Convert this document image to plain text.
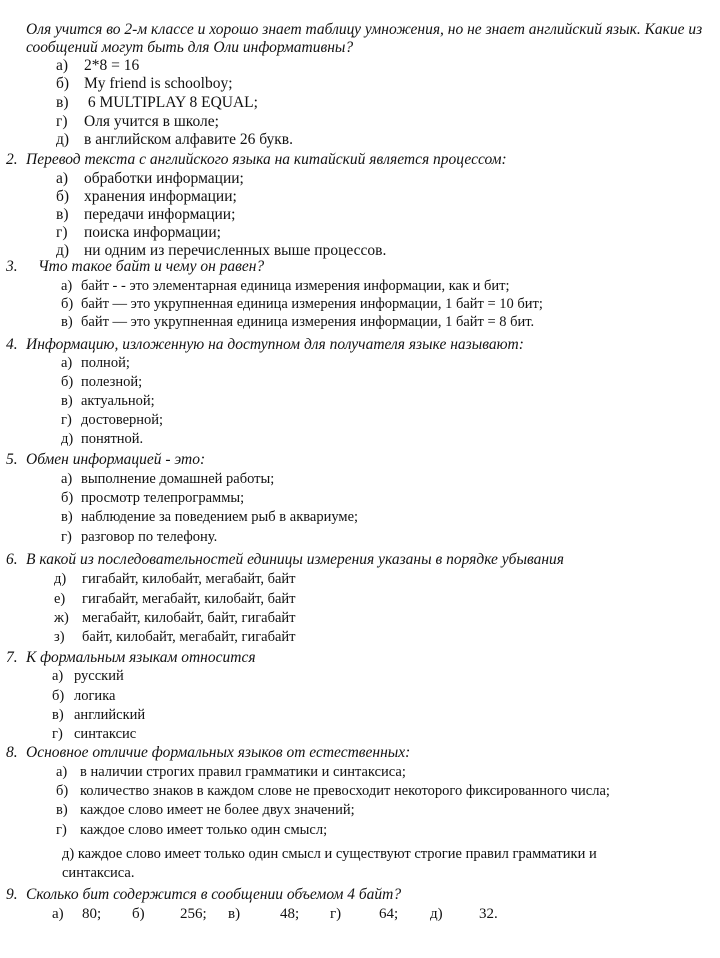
Оля учится во 2-м классе и хорошо знает таблицу умножения, но не знает английский язык. Какие из сообщений могут быть для Оли информативны?
а) 2*8 = 16
б) My friend is schoolboy;
в) 6 MULTIPLAY 8 EQUAL;
г) Оля учится в школе;
д) в английском алфавите 26 букв.
2. Перевод текста с английского языка на китайский является процессом:
а) обработки информации;
б) хранения информации;
в) передачи информации;
г) поиска информации;
д) ни одним из перечисленных выше процессов.
3. Что такое байт и чему он равен?
а) байт - - это элементарная единица измерения информации, как и бит;
б) байт — это укрупненная единица измерения информации, 1 байт = 10 бит;
в) байт — это укрупненная единица измерения информации, 1 байт = 8 бит.
4. Информацию, изложенную на доступном для получателя языке называют:
а) полной;
б) полезной;
в) актуальной;
г) достоверной;
д) понятной.
5. Обмен информацией - это:
а) выполнение домашней работы;
б) просмотр телепрограммы;
в) наблюдение за поведением рыб в аквариуме;
г) разговор по телефону.
6. В какой из последовательностей единицы измерения указаны в порядке убывания
д) гигабайт, килобайт, мегабайт, байт
е) гигабайт, мегабайт, килобайт, байт
ж) мегабайт, килобайт, байт, гигабайт
з) байт, килобайт, мегабайт, гигабайт
7. К формальным языкам относится
а) русский
б) логика
в) английский
г) синтаксис
8. Основное отличие формальных языков от естественных:
а) в наличии строгих правил грамматики и синтаксиса;
б) количество знаков в каждом слове не превосходит некоторого фиксированного числа;
в) каждое слово имеет не более двух значений;
г) каждое слово имеет только один смысл;
д) каждое слово имеет только один смысл и существуют строгие правил грамматики и
синтаксиса.
9. Сколько бит содержится в сообщении объемом 4 байт?
а) 80; б) 256; в)	48; г)	64; д) 32.
